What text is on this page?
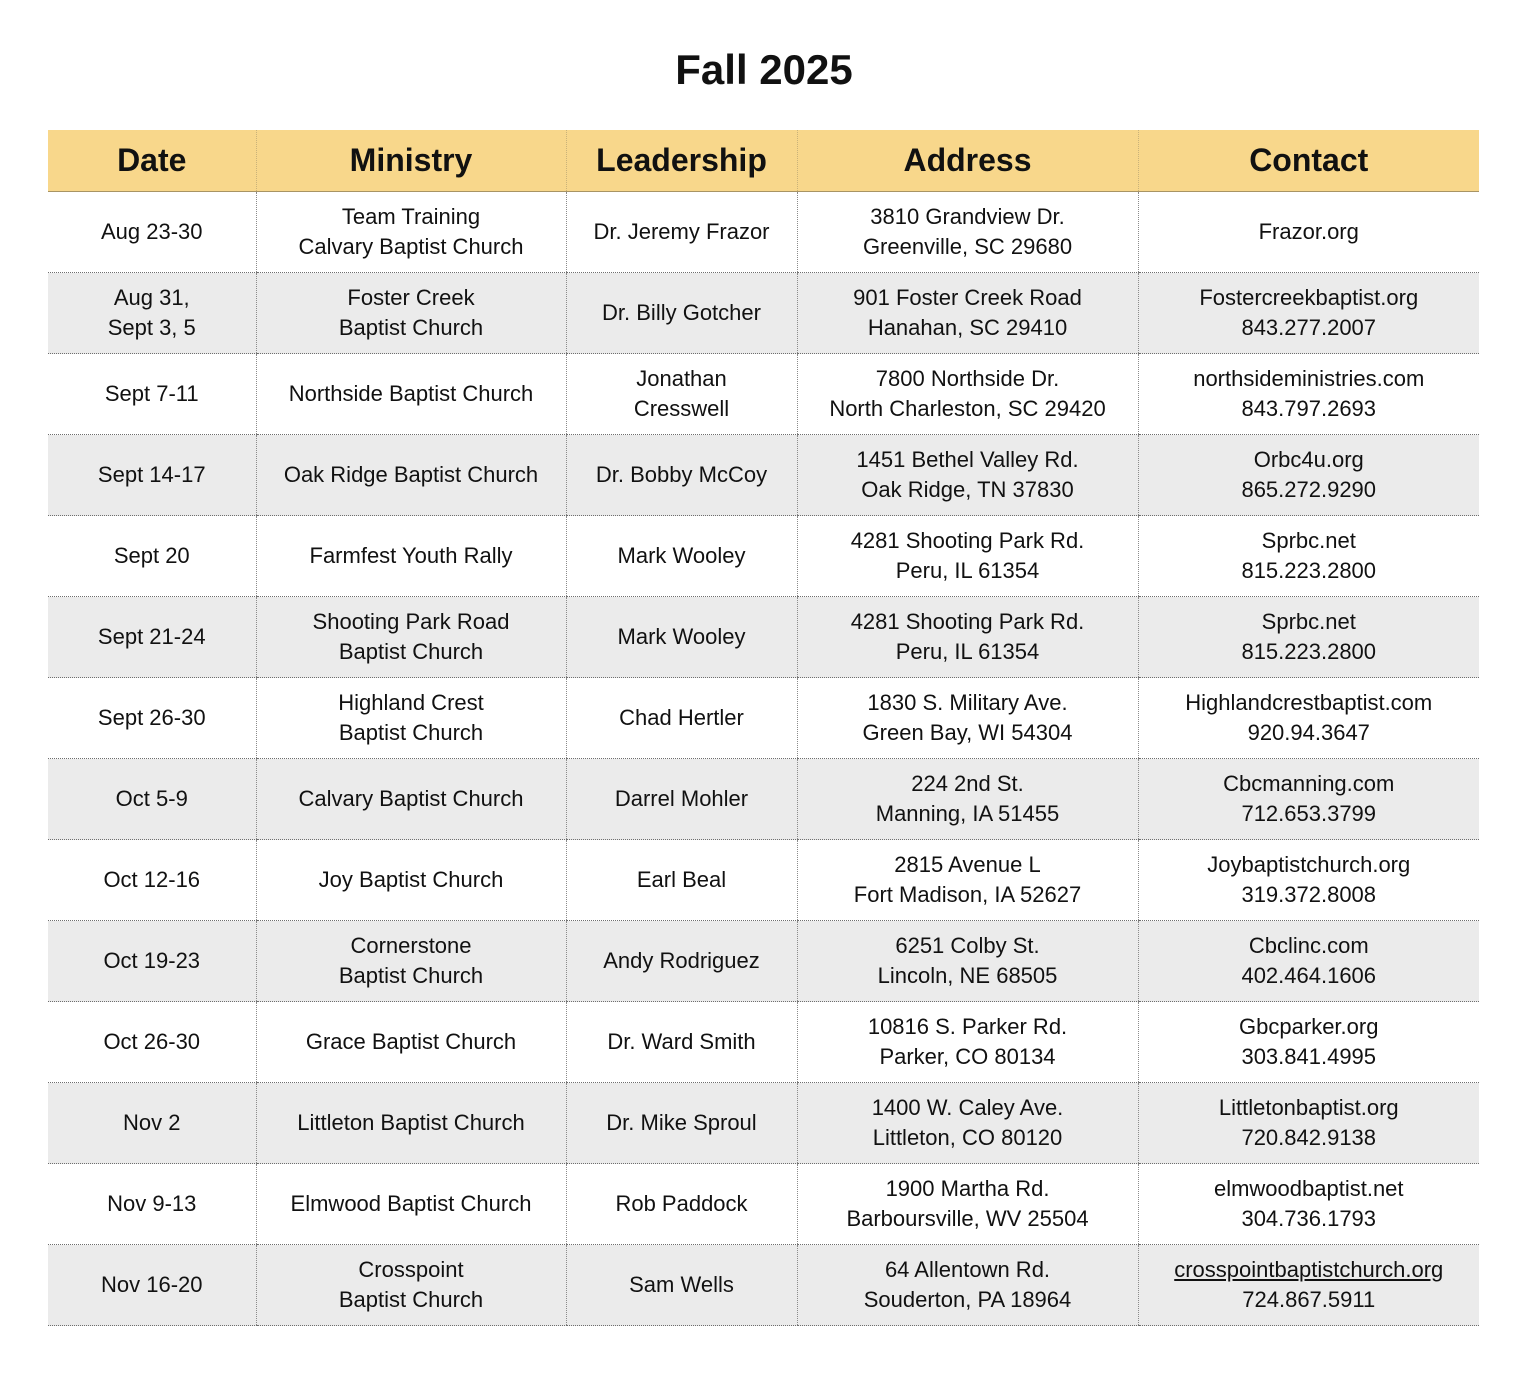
Fall 2025
Date	Ministry	Leadership	Address	Contact

Aug 23-30	Team Training
Calvary Baptist Church	Dr. Jeremy Frazor	3810 Grandview Dr.
Greenville, SC 29680	Frazor.org

Aug 31,
Sept 3, 5	Foster Creek
Baptist Church	Dr. Billy Gotcher	901 Foster Creek Road
Hanahan, SC 29410	Fostercreekbaptist.org
843.277.2007

Sept 7-11	Northside Baptist Church	Jonathan
Cresswell	7800 Northside Dr.
North Charleston, SC 29420	northsideministries.com
843.797.2693

Sept 14-17	Oak Ridge Baptist Church	Dr. Bobby McCoy	1451 Bethel Valley Rd.
Oak Ridge, TN 37830	Orbc4u.org
865.272.9290

Sept 20	Farmfest Youth Rally	Mark Wooley	4281 Shooting Park Rd.
Peru, IL 61354	Sprbc.net
815.223.2800

Sept 21-24	Shooting Park Road
Baptist Church	Mark Wooley	4281 Shooting Park Rd.
Peru, IL 61354	Sprbc.net
815.223.2800

Sept 26-30	Highland Crest
Baptist Church	Chad Hertler	1830 S. Military Ave.
Green Bay, WI 54304	Highlandcrestbaptist.com
920.94.3647

Oct 5-9	Calvary Baptist Church	Darrel Mohler	224 2nd St.
Manning, IA 51455	Cbcmanning.com
712.653.3799

Oct 12-16	Joy Baptist Church	Earl Beal	2815 Avenue L
Fort Madison, IA 52627	Joybaptistchurch.org
319.372.8008

Oct 19-23	Cornerstone
Baptist Church	Andy Rodriguez	6251 Colby St.
Lincoln, NE 68505	Cbclinc.com
402.464.1606

Oct 26-30	Grace Baptist Church	Dr. Ward Smith	10816 S. Parker Rd.
Parker, CO 80134	Gbcparker.org
303.841.4995

Nov 2	Littleton Baptist Church	Dr. Mike Sproul	1400 W. Caley Ave.
Littleton, CO 80120	Littletonbaptist.org
720.842.9138

Nov 9-13	Elmwood Baptist Church	Rob Paddock	1900 Martha Rd.
Barboursville, WV 25504	elmwoodbaptist.net
304.736.1793

Nov 16-20	Crosspoint
Baptist Church	Sam Wells	64 Allentown Rd.
Souderton, PA 18964	crosspointbaptistchurch.org
724.867.5911
